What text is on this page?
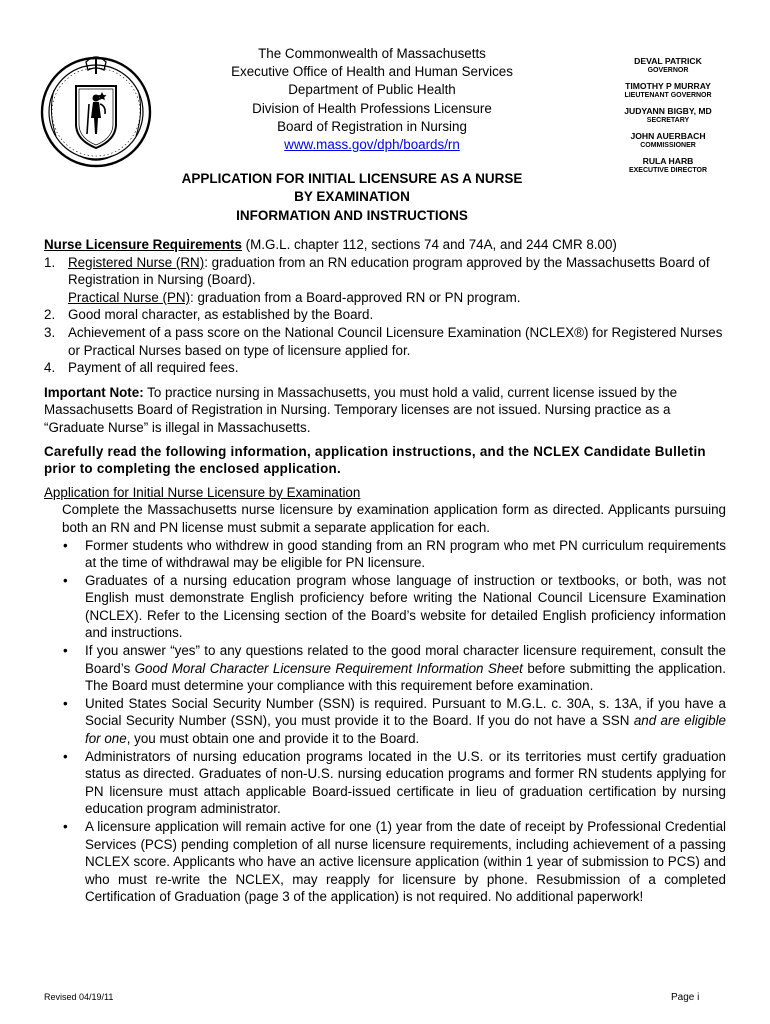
The Commonwealth of Massachusetts
Executive Office of Health and Human Services
Department of Public Health
Division of Health Professions Licensure
Board of Registration in Nursing
www.mass.gov/dph/boards/rn
DEVAL PATRICK
GOVERNOR
TIMOTHY P MURRAY
LIEUTENANT GOVERNOR
JUDYANN BIGBY, MD
SECRETARY
JOHN AUERBACH
COMMISSIONER
RULA HARB
EXECUTIVE DIRECTOR
APPLICATION FOR INITIAL LICENSURE AS A NURSE
BY EXAMINATION
INFORMATION AND INSTRUCTIONS

Nurse Licensure Requirements (M.G.L. chapter 112, sections 74 and 74A, and 244 CMR 8.00)

1. Registered Nurse (RN): graduation from an RN education program approved by the Massachusetts Board of Registration in Nursing (Board).
Practical Nurse (PN): graduation from a Board-approved RN or PN program.
2. Good moral character, as established by the Board.
3. Achievement of a pass score on the National Council Licensure Examination (NCLEX®) for Registered Nurses or Practical Nurses based on type of licensure applied for.
4. Payment of all required fees.

Important Note: To practice nursing in Massachusetts, you must hold a valid, current license issued by the Massachusetts Board of Registration in Nursing. Temporary licenses are not issued. Nursing practice as a “Graduate Nurse” is illegal in Massachusetts.

Carefully read the following information, application instructions, and the NCLEX Candidate Bulletin prior to completing the enclosed application.

Application for Initial Nurse Licensure by Examination

Complete the Massachusetts nurse licensure by examination application form as directed. Applicants pursuing both an RN and PN license must submit a separate application for each.

• Former students who withdrew in good standing from an RN program who met PN curriculum requirements at the time of withdrawal may be eligible for PN licensure.
• Graduates of a nursing education program whose language of instruction or textbooks, or both, was not English must demonstrate English proficiency before writing the National Council Licensure Examination (NCLEX). Refer to the Licensing section of the Board’s website for detailed English proficiency information and instructions.
• If you answer “yes” to any questions related to the good moral character licensure requirement, consult the Board’s Good Moral Character Licensure Requirement Information Sheet before submitting the application. The Board must determine your compliance with this requirement before examination.
• United States Social Security Number (SSN) is required. Pursuant to M.G.L. c. 30A, s. 13A, if you have a Social Security Number (SSN), you must provide it to the Board. If you do not have a SSN and are eligible for one, you must obtain one and provide it to the Board.
• Administrators of nursing education programs located in the U.S. or its territories must certify graduation status as directed. Graduates of non-U.S. nursing education programs and former RN students applying for PN licensure must attach applicable Board-issued certificate in lieu of graduation certification by nursing education program administrator.
• A licensure application will remain active for one (1) year from the date of receipt by Professional Credential Services (PCS) pending completion of all nurse licensure requirements, including achievement of a passing NCLEX score. Applicants who have an active licensure application (within 1 year of submission to PCS) and who must re-write the NCLEX, may reapply for licensure by phone. Resubmission of a completed Certification of Graduation (page 3 of the application) is not required. No additional paperwork!
Revised 04/19/11	Page i
